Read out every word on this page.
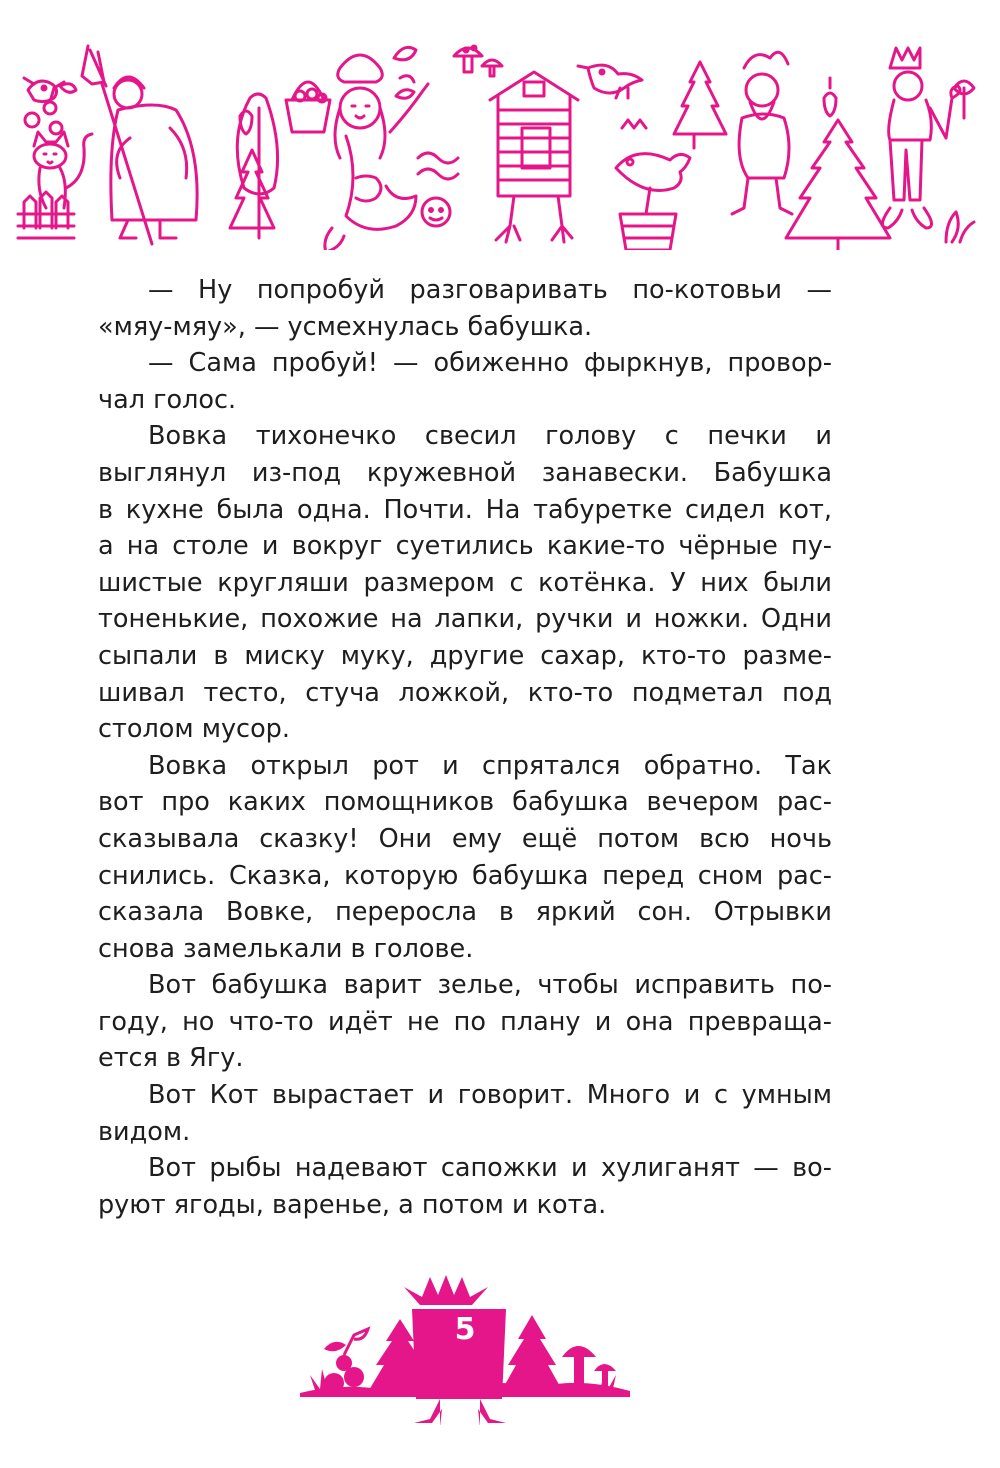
— Ну попробуй разговаривать по-котовьи —
«мяу-мяу», — усмехнулась бабушка.
— Сама пробуй! — обиженно фыркнув, провор-
чал голос.
Вовка тихонечко свесил голову с печки и
выглянул из-под кружевной занавески. Бабушка
в кухне была одна. Почти. На табуретке сидел кот,
а на столе и вокруг суетились какие-то чёрные пу-
шистые кругляши размером с котёнка. У них были
тоненькие, похожие на лапки, ручки и ножки. Одни
сыпали в миску муку, другие сахар, кто-то разме-
шивал тесто, стуча ложкой, кто-то подметал под
столом мусор.
Вовка открыл рот и спрятался обратно. Так
вот про каких помощников бабушка вечером рас-
сказывала сказку! Они ему ещё потом всю ночь
снились. Сказка, которую бабушка перед сном рас-
сказала Вовке, переросла в яркий сон. Отрывки
снова замелькали в голове.
Вот бабушка варит зелье, чтобы исправить по-
году, но что-то идёт не по плану и она превраща-
ется в Ягу.
Вот Кот вырастает и говорит. Много и с умным
видом.
Вот рыбы надевают сапожки и хулиганят — во-
руют ягоды, варенье, а потом и кота.
5
